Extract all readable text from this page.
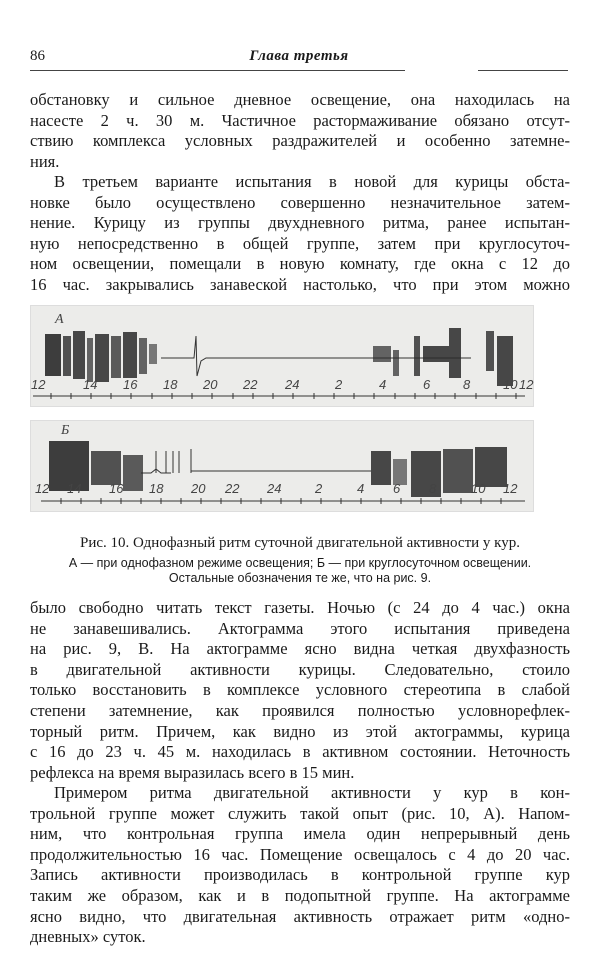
86	Глава третья
обстановку и сильное дневное освещение, она находилась на
насесте 2 ч. 30 м. Частичное растормаживание обязано отсут-
ствию комплекса условных раздражителей и особенно затемне-
ния.
В третьем варианте испытания в новой для курицы обста-
новке было осуществлено совершенно незначительное затем-
нение. Курицу из группы двухдневного ритма, ранее испытан-
ную непосредственно в общей группе, затем при круглосуточ-
ном освещении, помещали в новую комнату, где окна с 12 до
16 час. закрывались занавеской настолько, что при этом можно
А
12	14 16 18 20 22 24	2	4	6	8	10 12
Б
12 14 16 18 20 22 24	2	4 6 8	10 12
Рис. 10. Однофазный ритм суточной двигательной активности у кур.
А — при однофазном режиме освещения; Б — при круглосуточном освещении. Остальные обозначения те же, что на рис. 9.
было свободно читать текст газеты. Ночью (с 24 до 4 час.) окна
не занавешивались. Актограмма этого испытания приведена
на рис. 9, В. На актограмме ясно видна четкая двухфазность
в двигательной активности курицы. Следовательно, стоило
только восстановить в комплексе условного стереотипа в слабой
степени затемнение, как проявился полностью условнорефлек-
торный ритм. Причем, как видно из этой актограммы, курица
с 16 до 23 ч. 45 м. находилась в активном состоянии. Неточность
рефлекса на время выразилась всего в 15 мин.
Примером ритма двигательной активности у кур в кон-
трольной группе может служить такой опыт (рис. 10, А). Напом-
ним, что контрольная группа имела один непрерывный день
продолжительностью 16 час. Помещение освещалось с 4 до 20 час.
Запись активности производилась в контрольной группе кур
таким же образом, как и в подопытной группе. На актограмме
ясно видно, что двигательная активность отражает ритм «одно-
дневных» суток.
